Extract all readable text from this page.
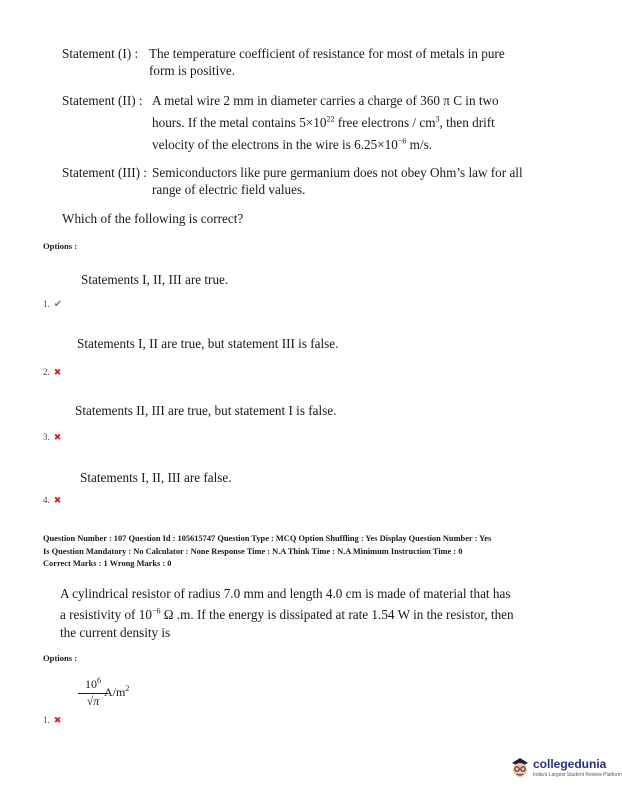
Statement (I) : The temperature coefficient of resistance for most of metals in pure
form is positive.
Statement (II) : A metal wire 2 mm in diameter carries a charge of 360 π C in two
hours. If the metal contains $5\times 10^{22}$ free electrons / $cm^3$, then drift
velocity of the electrons in the wire is $6.25\times 10^{-6}$ m/s.
Statement (III) : Semiconductors like pure germanium does not obey Ohm’s law for all
range of electric field values.
Which of the following is correct?
Options :
Statements I, II, III are true.
1. ✔
Statements I, II are true, but statement III is false.
2. ✖
Statements II, III are true, but statement I is false.
3. ✖
Statements I, II, III are false.
4. ✖
Question Number : 107 Question Id : 105615747 Question Type : MCQ Option Shuffling : Yes Display Question Number : Yes
Is Question Mandatory : No Calculator : None Response Time : N.A Think Time : N.A Minimum Instruction Time : 0
Correct Marks : 1 Wrong Marks : 0
A cylindrical resistor of radius 7.0 mm and length 4.0 cm is made of material that has
a resistivity of $10^{-6}$ Ω .m. If the energy is dissipated at rate 1.54 W in the resistor, then
the current density is
Options :
$\frac{10^6}{√\pi}$
$A/m^2$
1. ✖
collegedunia
India's Largest Student Review Platform
